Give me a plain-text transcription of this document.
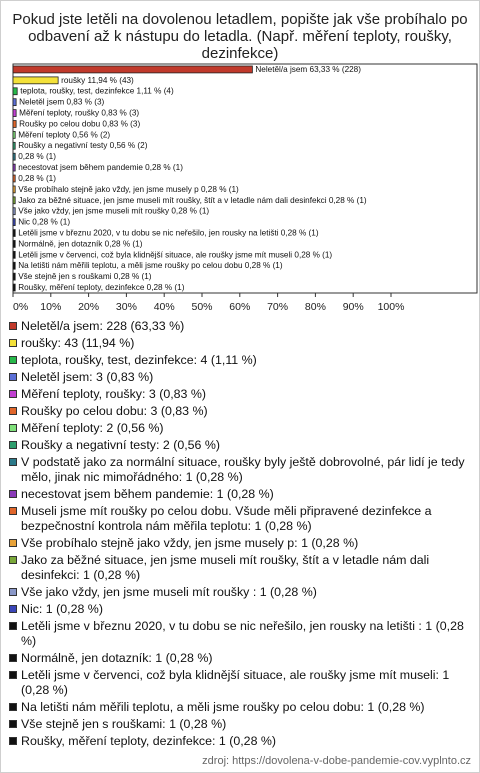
Pokud jste letěli na dovolenou letadlem, popište jak vše probíhalo po odbavení až k nástupu do letadla. (Např. měření teploty, roušky, dezinfekce)
Neletěl/a jsem 63,33 % (228)
roušky 11,94 % (43)
teplota, roušky, test, dezinfekce 1,11 % (4)
Neletěl jsem 0,83 % (3)
Měření teploty, roušky 0,83 % (3)
Roušky po celou dobu 0,83 % (3)
Měření teploty 0,56 % (2)
Roušky a negativní testy 0,56 % (2)
0,28 % (1)
necestovat jsem během pandemie 0,28 % (1)
0,28 % (1)
Vše probíhalo stejně jako vždy, jen jsme musely p 0,28 % (1)
Jako za běžné situace, jen jsme museli mít roušky, štít a v letadle nám dali desinfekci 0,28 % (1)
Vše jako vždy, jen jsme museli mít roušky 0,28 % (1)
Nic 0,28 % (1)
Letěli jsme v březnu 2020, v tu dobu se nic neřešilo, jen rousky na letišti 0,28 % (1)
Normálně, jen dotazník 0,28 % (1)
Letěli jsme v červenci, což byla klidnější situace, ale roušky jsme mít museli 0,28 % (1)
Na letišti nám měřili teplotu, a měli jsme roušky po celou dobu 0,28 % (1)
Vše stejně jen s rouškami 0,28 % (1)
Roušky, měření teploty, dezinfekce 0,28 % (1)
0% 10% 20% 30% 40% 50% 60% 70% 80% 90% 100%
Neletěl/a jsem: 228 (63,33 %)
roušky: 43 (11,94 %)
teplota, roušky, test, dezinfekce: 4 (1,11 %)
Neletěl jsem: 3 (0,83 %)
Měření teploty, roušky: 3 (0,83 %)
Roušky po celou dobu: 3 (0,83 %)
Měření teploty: 2 (0,56 %)
Roušky a negativní testy: 2 (0,56 %)
V podstatě jako za normální situace, roušky byly ještě dobrovolné, pár lidí je tedy mělo, jinak nic mimořádného: 1 (0,28 %)
necestovat jsem během pandemie: 1 (0,28 %)
Museli jsme mít roušky po celou dobu. Všude měli připravené dezinfekce a bezpečnostní kontrola nám měřila teplotu: 1 (0,28 %)
Vše probíhalo stejně jako vždy, jen jsme musely p: 1 (0,28 %)
Jako za běžné situace, jen jsme museli mít roušky, štít a v letadle nám dali desinfekci: 1 (0,28 %)
Vše jako vždy, jen jsme museli mít roušky : 1 (0,28 %)
Nic: 1 (0,28 %)
Letěli jsme v březnu 2020, v tu dobu se nic neřešilo, jen rousky na letišti : 1 (0,28 %)
Normálně, jen dotazník: 1 (0,28 %)
Letěli jsme v červenci, což byla klidnější situace, ale roušky jsme mít museli: 1 (0,28 %)
Na letišti nám měřili teplotu, a měli jsme roušky po celou dobu: 1 (0,28 %)
Vše stejně jen s rouškami: 1 (0,28 %)
Roušky, měření teploty, dezinfekce: 1 (0,28 %)
zdroj: https://dovolena-v-dobe-pandemie-cov.vyplnto.cz
